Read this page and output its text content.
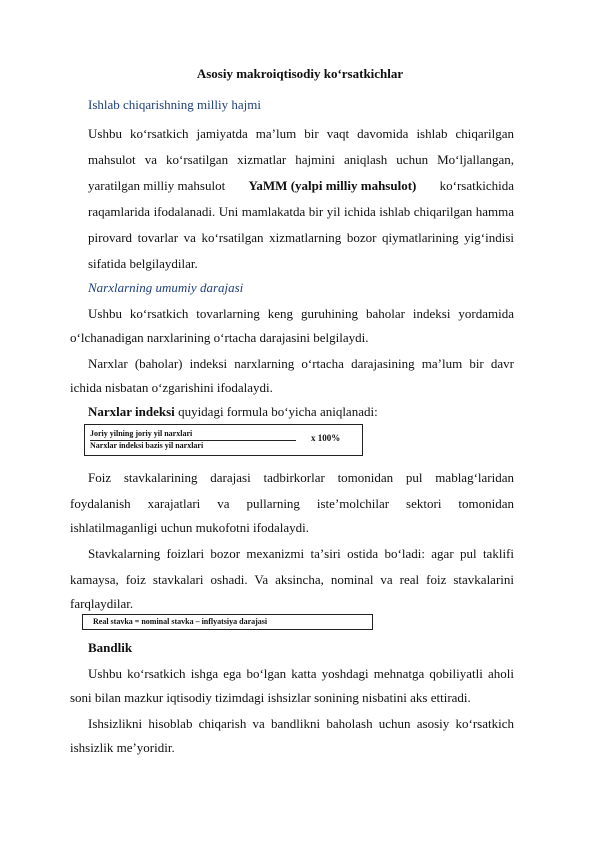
Asosiy makroiqtisodiy koʻrsatkichlar
Ishlab chiqarishning milliy hajmi
Ushbu koʻrsatkich jamiyatda maʼlum bir vaqt davomida ishlab chiqarilgan
mahsulot va koʻrsatilgan xizmatlar hajmini aniqlash uchun Moʻljallangan,
yaratilgan milliy mahsulot YaMM (yalpi milliy mahsulot) koʻrsatkichida
raqamlarida ifodalanadi. Uni mamlakatda bir yil ichida ishlab chiqarilgan hamma
pirovard tovarlar va koʻrsatilgan xizmatlarning bozor qiymatlarining yigʻindisi
sifatida belgilaydilar.
Narxlarning umumiy darajasi
Ushbu koʻrsatkich tovarlarning keng guruhining baholar indeksi yordamida
oʻlchanadigan narxlarining oʻrtacha darajasini belgilaydi.
Narxlar (baholar) indeksi narxlarning oʻrtacha darajasining maʼlum bir davr
ichida nisbatan oʻzgarishini ifodalaydi.
Narxlar indeksi quyidagi formula boʻyicha aniqlanadi:
Joriy yilning joriy yil narxlari
Narxlar indeksi bazis yil narxlari
x 100%
Foiz stavkalarining darajasi tadbirkorlar tomonidan pul mablagʻlaridan
foydalanish xarajatlari va pullarning isteʼmolchilar sektori tomonidan
ishlatilmaganligi uchun mukofotni ifodalaydi.
Stavkalarning foizlari bozor mexanizmi taʼsiri ostida boʻladi: agar pul taklifi
kamaysa, foiz stavkalari oshadi. Va aksincha, nominal va real foiz stavkalarini
farqlaydilar.
Real stavka = nominal stavka – inflyatsiya darajasi
Bandlik
Ushbu koʻrsatkich ishga ega boʻlgan katta yoshdagi mehnatga qobiliyatli aholi
soni bilan mazkur iqtisodiy tizimdagi ishsizlar sonining nisbatini aks ettiradi.
Ishsizlikni hisoblab chiqarish va bandlikni baholash uchun asosiy koʻrsatkich
ishsizlik meʼyoridir.
